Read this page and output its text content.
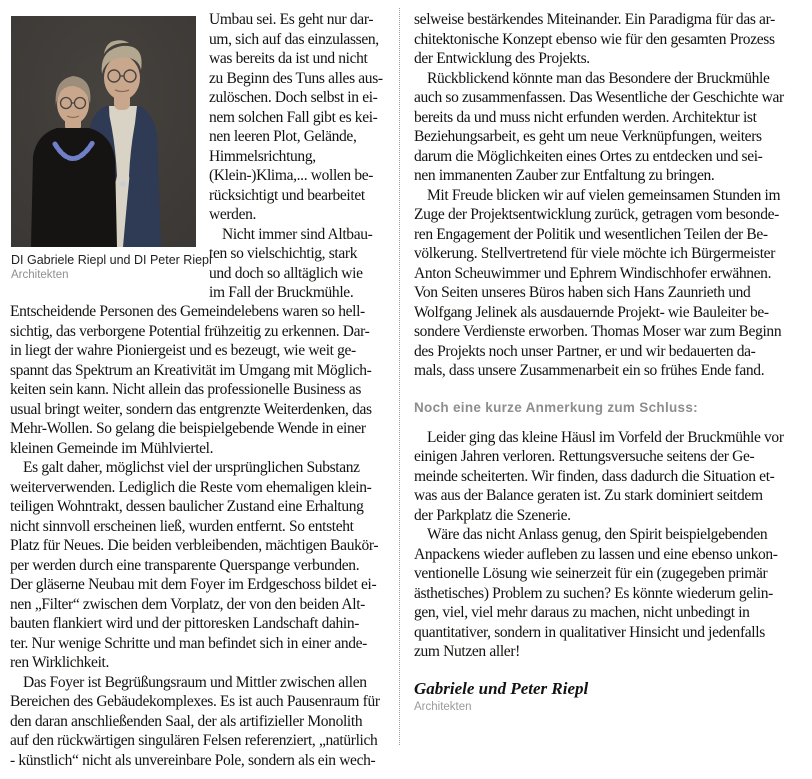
DI Gabriele Riepl und DI Peter Riepl
Architekten
Umbau sei. Es geht nur dar-
um, sich auf das einzulassen,
was bereits da ist und nicht
zu Beginn des Tuns alles aus-
zulöschen. Doch selbst in ei-
nem solchen Fall gibt es kei-
nen leeren Plot, Gelände,
Himmelsrichtung,
(Klein-)Klima,... wollen be-
rücksichtigt und bearbeitet
werden.
Nicht immer sind Altbau-
ten so vielschichtig, stark
und doch so alltäglich wie
im Fall der Bruckmühle.
Entscheidende Personen des Gemeindelebens waren so hell-
sichtig, das verborgene Potential frühzeitig zu erkennen. Dar-
in liegt der wahre Pioniergeist und es bezeugt, wie weit ge-
spannt das Spektrum an Kreativität im Umgang mit Möglich-
keiten sein kann. Nicht allein das professionelle Business as
usual bringt weiter, sondern das entgrenzte Weiterdenken, das
Mehr-Wollen. So gelang die beispielgebende Wende in einer
kleinen Gemeinde im Mühlviertel.
Es galt daher, möglichst viel der ursprünglichen Substanz
weiterverwenden. Lediglich die Reste vom ehemaligen klein-
teiligen Wohntrakt, dessen baulicher Zustand eine Erhaltung
nicht sinnvoll erscheinen ließ, wurden entfernt. So entsteht
Platz für Neues. Die beiden verbleibenden, mächtigen Baukör-
per werden durch eine transparente Querspange verbunden.
Der gläserne Neubau mit dem Foyer im Erdgeschoss bildet ei-
nen „Filter“ zwischen dem Vorplatz, der von den beiden Alt-
bauten flankiert wird und der pittoresken Landschaft dahin-
ter. Nur wenige Schritte und man befindet sich in einer ande-
ren Wirklichkeit.
Das Foyer ist Begrüßungsraum und Mittler zwischen allen
Bereichen des Gebäudekomplexes. Es ist auch Pausenraum für
den daran anschließenden Saal, der als artifizieller Monolith
auf den rückwärtigen singulären Felsen referenziert, „natürlich
- künstlich“ nicht als unvereinbare Pole, sondern als ein wech-
selweise bestärkendes Miteinander. Ein Paradigma für das ar-
chitektonische Konzept ebenso wie für den gesamten Prozess
der Entwicklung des Projekts.
Rückblickend könnte man das Besondere der Bruckmühle
auch so zusammenfassen. Das Wesentliche der Geschichte war
bereits da und muss nicht erfunden werden. Architektur ist
Beziehungsarbeit, es geht um neue Verknüpfungen, weiters
darum die Möglichkeiten eines Ortes zu entdecken und sei-
nen immanenten Zauber zur Entfaltung zu bringen.
Mit Freude blicken wir auf vielen gemeinsamen Stunden im
Zuge der Projektsentwicklung zurück, getragen vom besonde-
ren Engagement der Politik und wesentlichen Teilen der Be-
völkerung. Stellvertretend für viele möchte ich Bürgermeister
Anton Scheuwimmer und Ephrem Windischhofer erwähnen.
Von Seiten unseres Büros haben sich Hans Zaunrieth und
Wolfgang Jelinek als ausdauernde Projekt- wie Bauleiter be-
sondere Verdienste erworben. Thomas Moser war zum Beginn
des Projekts noch unser Partner, er und wir bedauerten da-
mals, dass unsere Zusammenarbeit ein so frühes Ende fand.
Noch eine kurze Anmerkung zum Schluss:
Leider ging das kleine Häusl im Vorfeld der Bruckmühle vor
einigen Jahren verloren. Rettungsversuche seitens der Ge-
meinde scheiterten. Wir finden, dass dadurch die Situation et-
was aus der Balance geraten ist. Zu stark dominiert seitdem
der Parkplatz die Szenerie.
Wäre das nicht Anlass genug, den Spirit beispielgebenden
Anpackens wieder aufleben zu lassen und eine ebenso unkon-
ventionelle Lösung wie seinerzeit für ein (zugegeben primär
ästhetisches) Problem zu suchen? Es könnte wiederum gelin-
gen, viel, viel mehr daraus zu machen, nicht unbedingt in
quantitativer, sondern in qualitativer Hinsicht und jedenfalls
zum Nutzen aller!
Gabriele und Peter Riepl
Architekten
